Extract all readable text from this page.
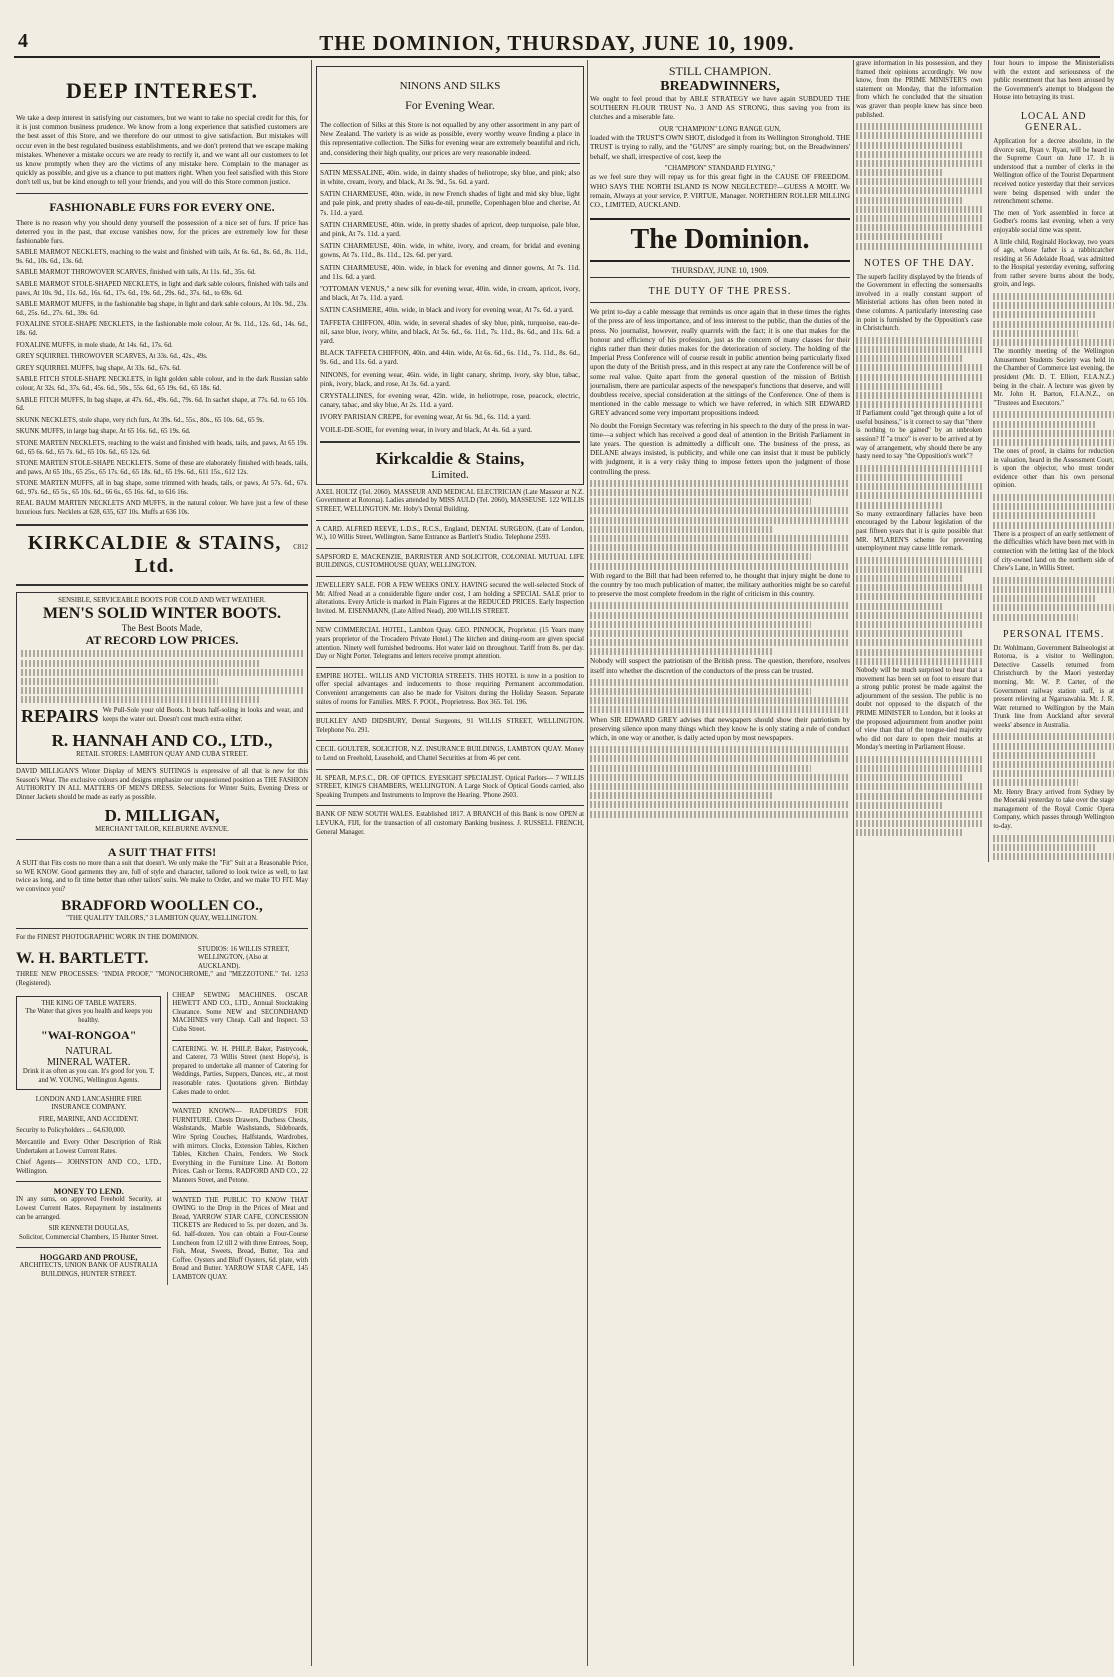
4	THE DOMINION, THURSDAY, JUNE 10, 1909.
DEEP INTEREST.

We take a deep interest in satisfying our customers, but we want to take no special credit for this, for it is just common business prudence. We know from a long experience that satisfied customers are the best asset of this Store, and we therefore do our utmost to give satisfaction. But mistakes will occur even in the best regulated business establishments, and we don't pretend that we escape making mistakes. Whenever a mistake occurs we are ready to rectify it, and we want all our customers to let us know promptly when they are the victims of any mistake here. Complain to the manager as quickly as possible, and give us a chance to put matters right. When you feel satisfied with this Store don't tell us, but be kind enough to tell your friends, and you will do this Store common justice.

FASHIONABLE FURS FOR EVERY ONE.

There is no reason why you should deny yourself the possession of a nice set of furs. If price has deterred you in the past, that excuse vanishes now, for the prices are extremely low for these fashionable furs.

SABLE MARMOT NECKLETS, reaching to the waist and finished with tails, At 6s. 6d., 8s. 6d., 8s. 11d., 9s. 6d., 10s. 6d., 13s. 6d.

SABLE MARMOT THROWOVER SCARVES, finished with tails, At 11s. 6d., 35s. 6d.

SABLE MARMOT STOLE-SHAPED NECKLETS, in light and dark sable colours, finished with tails and paws, At 10s. 9d., 11s. 6d., 16s. 6d., 17s. 6d., 19s. 6d., 29s. 6d., 37s. 6d., to 69s. 6d.

SABLE MARMOT MUFFS, in the fashionable bag shape, in light and dark sable colours, At 10s. 9d., 23s. 6d., 25s. 6d., 27s. 6d., 39s. 6d.

FOXALINE STOLE-SHAPE NECKLETS, in the fashionable mole colour, At 9s. 11d., 12s. 6d., 14s. 6d., 18s. 6d.

FOXALINE MUFFS, in mole shade, At 14s. 6d., 17s. 6d.

GREY SQUIRREL THROWOVER SCARVES, At 33s. 6d., 42s., 49s.

GREY SQUIRREL MUFFS, bag shape, At 33s. 6d., 67s. 6d.

SABLE FITCH STOLE-SHAPE NECKLETS, in light golden sable colour, and in the dark Russian sable colour, At 32s. 6d., 37s. 6d., 45s. 6d., 50s., 55s. 6d., 65 19s. 6d., 65 18s. 6d.

SABLE FITCH MUFFS, In bag shape, at 47s. 6d., 49s. 6d., 79s. 6d. In sachet shape, at 77s. 6d. to 65 10s. 6d.

SKUNK NECKLETS, stole shape, very rich furs, At 39s. 6d., 55s., 80s., 65 10s. 6d., 65 9s.

SKUNK MUFFS, in large bag shape, At 65 16s. 6d., 65 19s. 6d.

STONE MARTEN NECKLETS, reaching to the waist and finished with heads, tails, and paws, At 65 19s. 6d., 65 6s. 6d., 65 7s. 6d., 65 10s. 6d., 65 12s. 6d.

STONE MARTEN STOLE-SHAPE NECKLETS. Some of these are elaborately finished with heads, tails, and paws, At 65 10s., 65 25s., 65 17s. 6d., 65 18s. 6d., 65 19s. 6d., 611 15s., 612 12s.

STONE MARTEN MUFFS, all in bag shape, some trimmed with heads, tails, or paws, At 57s. 6d., 67s. 6d., 97s. 6d., 65 5s., 65 10s. 6d., 66 6s., 65 16s. 6d., to 616 16s.

REAL BAUM MARTEN NECKLETS AND MUFFS, in the natural colour. We have just a few of these luxurious furs. Necklets at 628, 635, 637 10s. Muffs at 636 10s.

KIRKCALDIE & STAINS, Ltd.
C812
SENSIBLE, SERVICEABLE BOOTS FOR COLD AND WET WEATHER.
MEN'S SOLID WINTER BOOTS.
The Best Boots Made,
AT RECORD LOW PRICES.
REPAIRS We Pull-Sole your old Boots. It beats half-soling in looks and wear, and keeps the water out. Doesn't cost much extra either.
R. HANNAH AND CO., LTD.,
RETAIL STORES: LAMBTON QUAY AND CUBA STREET.

DAVID MILLIGAN'S Winter Display of MEN'S SUITINGS is expressive of all that is new for this Season's Wear. The exclusive colours and designs emphasize our unquestioned position as THE FASHION AUTHORITY IN ALL MATTERS OF MEN'S DRESS. Selections for Winter Suits, Evening Dress or Dinner Jackets should be made as early as possible.

D. MILLIGAN,
MERCHANT TAILOR, KELBURNE AVENUE.
A SUIT THAT FITS!

A SUIT that Fits costs no more than a suit that doesn't. We only make the "Fit" Suit at a Reasonable Price, so WE KNOW. Good garments they are, full of style and character, tailored to look twice as well, to last twice as long, and to fit time better than other tailors' suits. We make to Order, and we make TO FIT. May we convince you?

BRADFORD WOOLLEN CO.,
"THE QUALITY TAILORS," 3 LAMBTON QUAY, WELLINGTON.
For the FINEST PHOTOGRAPHIC WORK IN THE DOMINION.
W. H. BARTLETT.
STUDIOS: 16 WILLIS STREET, WELLINGTON, (Also at AUCKLAND).
THREE NEW PROCESSES: "INDIA PROOF," "MONOCHROME," and "MEZZOTONE." Tel. 1253 (Registered).
THE KING OF TABLE WATERS.
The Water that gives you health and keeps you healthy.
"WAI-RONGOA"
NATURAL
MINERAL WATER.
Drink it as often as you can. It's good for you. T. and W. YOUNG, Wellington Agents.
LONDON AND LANCASHIRE FIRE INSURANCE COMPANY.
FIRE, MARINE, AND ACCIDENT.
Security to Policyholders ... 64,630,000.
Mercantile and Every Other Description of Risk Undertaken at Lowest Current Rates.
Chief Agents— JOHNSTON AND CO., LTD., Wellington.
MONEY TO LEND.
IN any sums, on approved Freehold Security, at Lowest Current Rates. Repayment by instalments can be arranged.
SIR KENNETH DOUGLAS,
Solicitor, Commercial Chambers, 15 Hunter Street.
HOGGARD AND PROUSE,
ARCHITECTS, UNION BANK OF AUSTRALIA BUILDINGS, HUNTER STREET.
CHEAP SEWING MACHINES. OSCAR HEWETT AND CO., LTD., Annual Stocktaking Clearance. Some NEW and SECONDHAND MACHINES very Cheap. Call and Inspect. 53 Cuba Street.
CATERING. W. H. PHILP, Baker, Pastrycook, and Caterer, 73 Willis Street (next Hope's), is prepared to undertake all manner of Catering for Weddings, Parties, Suppers, Dances, etc., at most reasonable rates. Quotations given. Birthday Cakes made to order.
WANTED KNOWN— RADFORD'S FOR FURNITURE. Chests Drawers, Duchess Chests, Washstands, Marble Washstands, Sideboards, Wire Spring Couches, Halfstands, Wardrobes, with mirrors. Clocks, Extension Tables, Kitchen Tables, Kitchen Chairs, Fenders. We Stock Everything in the Furniture Line. At Bottom Prices. Cash or Terms. RADFORD AND CO., 22 Manners Street, and Petone.
WANTED THE PUBLIC TO KNOW THAT OWING to the Drop in the Prices of Meat and Bread, YARROW STAR CAFE, CONCESSION TICKETS are Reduced to 5s. per dozen, and 3s. 6d. half-dozen. You can obtain a Four-Course Luncheon from 12 till 2 with three Entrees, Soup, Fish, Meat, Sweets, Bread, Butter, Tea and Coffee. Oysters and Bluff Oysters, 6d. plate, with Bread and Butter. YARROW STAR CAFE, 145 LAMBTON QUAY.
NINONS AND SILKS
For Evening Wear.

The collection of Silks at this Store is not equalled by any other assortment in any part of New Zealand. The variety is as wide as possible, every worthy weave finding a place in this representative collection. The Silks for evening wear are extremely beautiful and rich, and, considering their high quality, our prices are very reasonable indeed.

SATIN MESSALINE, 40in. wide, in dainty shades of heliotrope, sky blue, and pink; also in white, cream, ivory, and black, At 3s. 9d., 5s. 6d. a yard.

SATIN CHARMEUSE, 40in. wide, in new French shades of light and mid sky blue, light and pale pink, and pretty shades of eau-de-nil, prunelle, Copenhagen blue and cherise, At 7s. 11d. a yard.

SATIN CHARMEUSE, 40in. wide, in pretty shades of apricot, deep turquoise, pale blue, and pink, At 7s. 11d. a yard.

SATIN CHARMEUSE, 40in. wide, in white, ivory, and cream, for bridal and evening gowns, At 7s. 11d., 8s. 11d., 12s. 6d. per yard.

SATIN CHARMEUSE, 40in. wide, in black for evening and dinner gowns, At 7s. 11d. and 11s. 6d. a yard.

"OTTOMAN VENUS," a new silk for evening wear, 40in. wide, in cream, apricot, ivory, and black, At 7s. 11d. a yard.

SATIN CASHMERE, 40in. wide, in black and ivory for evening wear, At 7s. 6d. a yard.

TAFFETA CHIFFON, 40in. wide, in several shades of sky blue, pink, turquoise, eau-de-nil, saxe blue, ivory, white, and black, At 5s. 6d., 6s. 11d., 7s. 11d., 8s. 6d., and 11s. 6d. a yard.

BLACK TAFFETA CHIFFON, 40in. and 44in. wide, At 6s. 6d., 6s. 11d., 7s. 11d., 8s. 6d., 9s. 6d., and 11s. 6d. a yard.

NINONS, for evening wear, 46in. wide, in light canary, shrimp, ivory, sky blue, tabac, pink, ivory, black, and rose, At 3s. 6d. a yard.

CRYSTALLINES, for evening wear, 42in. wide, in heliotrope, rose, peacock, electric, canary, tabac, and sky blue, At 2s. 11d. a yard.

IVORY PARISIAN CREPE, for evening wear, At 6s. 9d., 6s. 11d. a yard.

VOILE-DE-SOIE, for evening wear, in ivory and black, At 4s. 6d. a yard.

Kirkcaldie & Stains,
Limited.

AXEL HOLTZ (Tel. 2060). MASSEUR AND MEDICAL ELECTRICIAN (Late Masseur at N.Z. Government at Rotorua). Ladies attended by MISS AULD (Tel. 2060), MASSEUSE. 122 WILLIS STREET, WELLINGTON. Mr. Hoby's Dental Building.

A CARD. ALFRED REEVE, L.D.S., R.C.S., England, DENTAL SURGEON, (Late of London, W.), 10 Willis Street, Wellington. Same Entrance as Bartlett's Studio. Telephone 2593.

SAPSFORD E. MACKENZIE, BARRISTER AND SOLICITOR, COLONIAL MUTUAL LIFE BUILDINGS, CUSTOMHOUSE QUAY, WELLINGTON.

JEWELLERY SALE. FOR A FEW WEEKS ONLY. HAVING secured the well-selected Stock of Mr. Alfred Nead at a considerable figure under cost, I am holding a SPECIAL SALE prior to alterations. Every Article is marked in Plain Figures at the REDUCED PRICES. Early Inspection Invited. M. EISENMANN, (Late Alfred Nead), 200 WILLIS STREET.

NEW COMMERCIAL HOTEL, Lambton Quay. GEO. PINNOCK, Proprietor. (15 Years many years proprietor of the Trocadero Private Hotel.) The kitchen and dining-room are given special attention. Ninety well furnished bedrooms. Hot water laid on throughout. Tariff from 8s. per day. Day or Night Porter. Telegrams and letters receive prompt attention.

EMPIRE HOTEL. WILLIS AND VICTORIA STREETS. THIS HOTEL is now in a position to offer special advantages and inducements to those requiring Permanent accommodation. Convenient arrangements can also be made for Visitors during the Holiday Season. Separate suites of rooms for Families. MRS. F. POOL, Proprietress. Box 365. Tel. 196.

BULKLEY AND DIDSBURY, Dental Surgeons, 91 WILLIS STREET, WELLINGTON. Telephone No. 291.

CECIL GOULTER, SOLICITOR, N.Z. INSURANCE BUILDINGS, LAMBTON QUAY. Money to Lend on Freehold, Leasehold, and Chattel Securities at from 46 per cent.

H. SPEAR, M.P.S.C., DR. OF OPTICS. EYESIGHT SPECIALIST. Optical Parlors— 7 WILLIS STREET, KING'S CHAMBERS, WELLINGTON. A Large Stock of Optical Goods carried, also Speaking Trumpets and Instruments to Improve the Hearing. 'Phone 2603.

BANK OF NEW SOUTH WALES. Established 1817. A BRANCH of this Bank is now OPEN at LEVUKA, FIJI, for the transaction of all customary Banking business. J. RUSSELL FRENCH, General Manager.

STILL CHAMPION.
BREADWINNERS,

We ought to feel proud that by ABLE STRATEGY we have again SUBDUED THE SOUTHERN FLOUR TRUST No. 3 AND AS STRONG, thus saving you from its clutches and a miserable fate.

OUR "CHAMPION" LONG RANGE GUN,

loaded with the TRUST'S OWN SHOT, dislodged it from its Wellington Stronghold. THE TRUST is trying to rally, and the "GUNS" are simply roaring; but, on the Breadwinners' behalf, we shall, irrespective of cost, keep the

"CHAMPION" STANDARD FLYING,"

as we feel sure they will repay us for this great fight in the CAUSE OF FREEDOM. WHO SAYS THE NORTH ISLAND IS NOW NEGLECTED?—GUESS A MORT. We remain, Always at your service, P. VIRTUE, Manager. NORTHERN ROLLER MILLING CO., LIMITED, AUCKLAND.

The Dominion.
THURSDAY, JUNE 10, 1909.
THE DUTY OF THE PRESS.

We print to-day a cable message that reminds us once again that in these times the rights of the press are of less importance, and of less interest to the public, than the duties of the press. No journalist, however, really quarrels with the fact; it is one that makes for the honour and efficiency of his profession, just as the concern of many classes for their rights rather than their duties makes for the deterioration of society. The holding of the Imperial Press Conference will of course result in public attention being particularly fixed upon the duty of the British press, and in this respect at any rate the Conference will be of some real value. Quite apart from the general question of the mission of British journalism, there are particular aspects of the newspaper's functions that deserve, and will doubtless receive, special consideration at the sittings of the Conference. One of them is mentioned in the cable message to which we have referred, in which SIR EDWARD GREY advanced some very important propositions indeed.

No doubt the Foreign Secretary was referring in his speech to the duty of the press in war-time—a subject which has received a good deal of attention in the British Parliament in late years. The question is admittedly a difficult one. The business of the press, as DELANE always insisted, is publicity, and while one can insist that it must be publicly with judgment, it is a very risky thing to impose fetters upon the judgment of those controlling the press.

With regard to the Bill that had been referred to, he thought that injury might be done to the country by too much publication of matter, the military authorities might be so careful to preserve the most complete freedom in the right of criticism in this country.

Nobody will suspect the patriotism of the British press. The question, therefore, resolves itself into whether the discretion of the conductors of the press can be trusted.

When SIR EDWARD GREY advises that newspapers should show their patriotism by preserving silence upon many things which they know he is only stating a rule of conduct which, in one way or another, is daily acted upon by most newspapers.

grave information in his possession, and they framed their opinions accordingly. We now know, from the PRIME MINISTER'S own statement on Monday, that the information from which he concluded that the situation was graver than people knew has since been published.

NOTES OF THE DAY.

The superb facility displayed by the friends of the Government in effecting the somersaults involved in a really constant support of Ministerial actions has often been noted in these columns. A particularly interesting case in point is furnished by the Opposition's case in Christchurch.

If Parliament could "get through quite a lot of useful business," is it correct to say that "there is nothing to be gained" by an unbroken session? If "a truce" is ever to be arrived at by way of arrangement, why should there be any hasty need to say "the Opposition's work"?

So many extraordinary fallacies have been encouraged by the Labour legislation of the past fifteen years that it is quite possible that MR. M'LAREN'S scheme for preventing unemployment may cause little remark.

Nobody will be much surprised to hear that a movement has been set on foot to ensure that a strong public protest be made against the adjournment of the session. The public is no doubt not opposed to the dispatch of the PRIME MINISTER to London, but it looks at the proposed adjournment from another point of view than that of the tongue-tied majority who did not dare to open their mouths at Monday's meeting in Parliament House.

four hours to impose the Ministerialists with the extent and seriousness of the public resentment that has been aroused by the Government's attempt to bludgeon the House into betraying its trust.

LOCAL AND GENERAL.

Application for a decree absolute, in the divorce suit, Ryan v. Ryan, will be heard in the Supreme Court on June 17. It is understood that a number of clerks in the Wellington office of the Tourist Department received notice yesterday that their services were being dispensed with under the retrenchment scheme.

The men of York assembled in force at Godber's rooms last evening, when a very enjoyable social time was spent.

A little child, Reginald Hockway, two years of age, whose father is a rabbitcatcher residing at 56 Adelaide Road, was admitted to the Hospital yesterday evening, suffering from rather severe burns about the body, groin, and legs.

The monthly meeting of the Wellington Amusement Students Society was held in the Chamber of Commerce last evening, the president (Mr. D. T. Elliott, F.I.A.N.Z.) being in the chair. A lecture was given by Mr. John H. Barton, F.I.A.N.Z., on "Trustees and Executors."

The ones of proof, in claims for reduction in valuation, heard in the Assessment Court, is upon the objector, who must tender evidence other than his own personal opinion.

There is a prospect of an early settlement of the difficulties which have been met with in connection with the letting last of the block of city-owned land on the northern side of Chew's Lane, in Willis Street.

PERSONAL ITEMS.

Dr. Wohlmann, Government Balneologist at Rotorua, is a visitor to Wellington. Detective Cassells returned from Christchurch by the Maori yesterday morning. Mr. W. P. Carter, of the Government railway station staff, is at present relieving at Ngaruawahia. Mr. J. R. Watt returned to Wellington by the Main Trunk line from Auckland after several weeks' absence in Australia.

Mr. Henry Bracy arrived from Sydney by the Moeraki yesterday to take over the stage management of the Royal Comic Opera Company, which passes through Wellington to-day.
